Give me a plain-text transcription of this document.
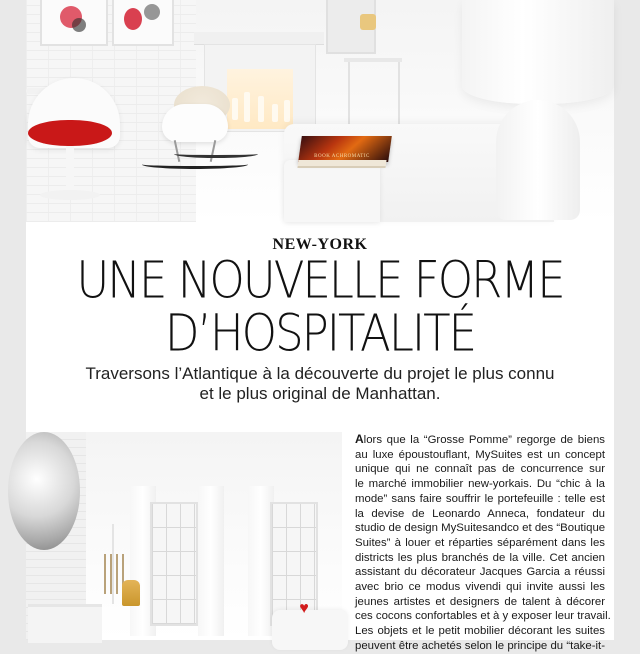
BOOK ACHROMATIC
NEW-YORK
UNE NOUVELLE FORME
D’HOSPITALITÉ
Traversons l’Atlantique à la découverte du projet le plus connu
et le plus original de Manhattan.
♥
Alors que la “Grosse Pomme” regorge de biens
au luxe époustouflant, MySuites est un concept
unique qui ne connaît pas de concurrence sur
le marché immobilier new-yorkais. Du “chic à la
mode” sans faire souffrir le portefeuille : telle est
la devise de Leonardo Anneca, fondateur du
studio de design MySuitesandco et des “Boutique
Suites” à louer et réparties séparément dans les
districts les plus branchés de la ville. Cet ancien
assistant du décorateur Jacques Garcia a réussi
avec brio ce modus vivendi qui invite aussi les
jeunes artistes et designers de talent à décorer
ces cocons confortables et à y exposer leur travail.
Les objets et le petit mobilier décorant les suites
peuvent être achetés selon le principe du “take-it-
